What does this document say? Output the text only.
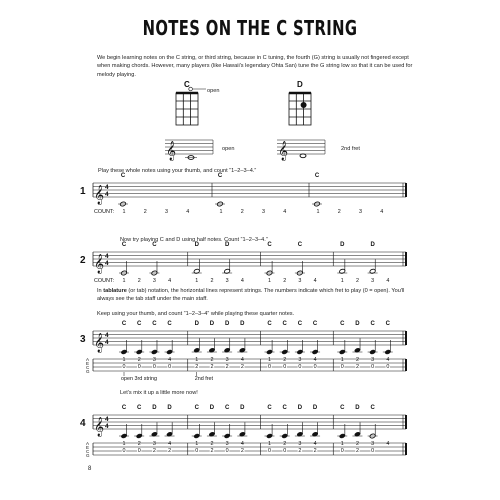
NOTES ON THE C STRING
We begin learning notes on the C string, or third string, because in C tuning, the fourth (G) string is usually not fingered except when making chords. However, many players (like Hawaii's legendary Ohta San) tune the G string low so that it can be used for melody playing.
C
open
D
open	2nd fret
𝄞	𝄞
𝄞 4
4
𝄞 4
4
𝄞 4
4
A
E
C
G
𝄞 4
4
A
E
C
G
Play these whole notes using your thumb, and count “1–2–3–4.”
Now try playing C and D using half notes. Count “1–2–3–4.”
In tablature (or tab) notation, the horizontal lines represent strings. The numbers indicate which fret to play (0 = open). You'll always see the tab staff under the main staff.
Keep using your thumb, and count “1–2–3–4” while playing these quarter notes.
Let's mix it up a little more now!
8
1
C	C	C
1	2	3	4	1	2	3	4	1	2	3	4
COUNT:
2
C	C	D	D	C	C	D	D
1 2 3 4	1 2 3 4	1 2 3 4	1 2 3 4
COUNT:
3
C C C C	D D D D	C C C C	C D C C
1 2 3 4	1 2 3 4	1 2 3 4	1 2 3 4
0 0 0 0	2 2 2 2	0 0 0 0	0 2 0 0
open 3rd string	2nd fret
4
C C D D	C D C D	C C D D	C D C
1 2 3 4	1 2 3 4	1 2 3 4	1 2 3 4
0 0 2 2	0 2 0 2	0 0 2 2	0 2 0
